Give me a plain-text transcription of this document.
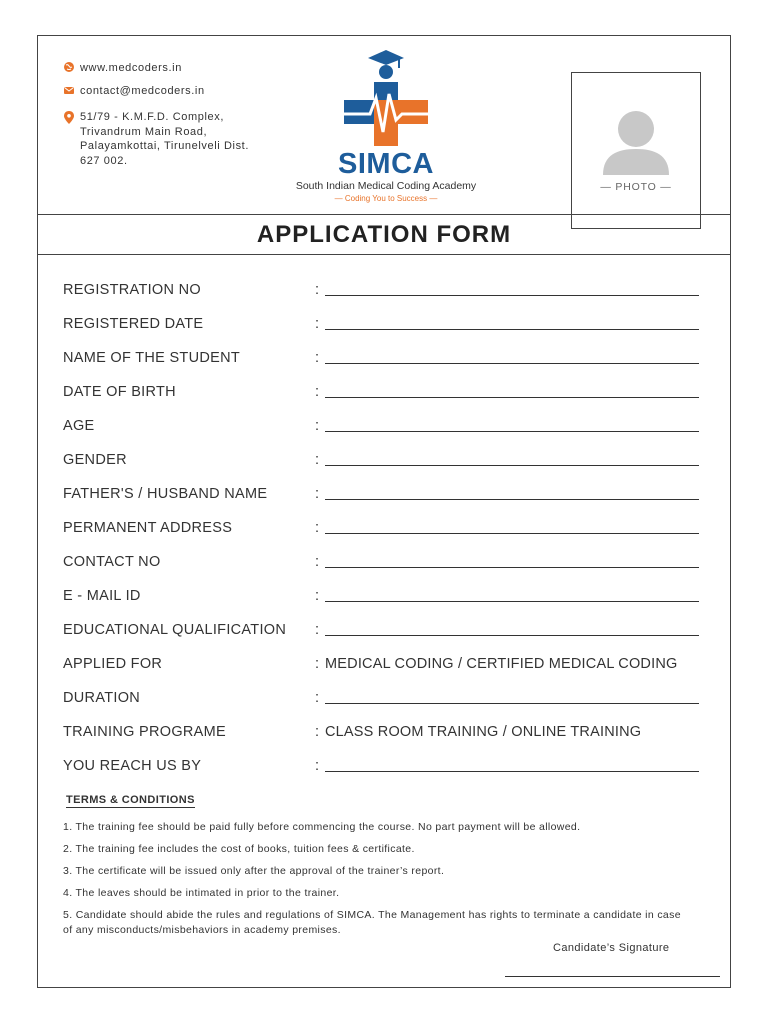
www.medcoders.in
contact@medcoders.in
51/79 - K.M.F.D. Complex,
Trivandrum Main Road,
Palayamkottai, Tirunelveli Dist.
627 002.	SIMCA
South Indian Medical Coding Academy
— Coding You to Success —
— PHOTO —
APPLICATION FORM
REGISTRATION NO	:
REGISTERED DATE	:
NAME OF THE STUDENT	:
DATE OF BIRTH	:
AGE	:
GENDER	:
FATHER'S / HUSBAND NAME	:
PERMANENT ADDRESS	:
CONTACT NO	:
E - MAIL ID	:
EDUCATIONAL QUALIFICATION :
APPLIED FOR	: MEDICAL CODING / CERTIFIED MEDICAL CODING
DURATION	:
TRAINING PROGRAME	: CLASS ROOM TRAINING / ONLINE TRAINING
YOU REACH US BY	:
TERMS & CONDITIONS
1. The training fee should be paid fully before commencing the course. No part payment will be allowed.
2. The training fee includes the cost of books, tuition fees & certificate.
3. The certificate will be issued only after the approval of the trainer’s report.
4. The leaves should be intimated in prior to the trainer.
5. Candidate should abide the rules and regulations of SIMCA. The Management has rights to terminate a candidate in case of any misconducts/misbehaviors in academy premises.
Candidate’s Signature
